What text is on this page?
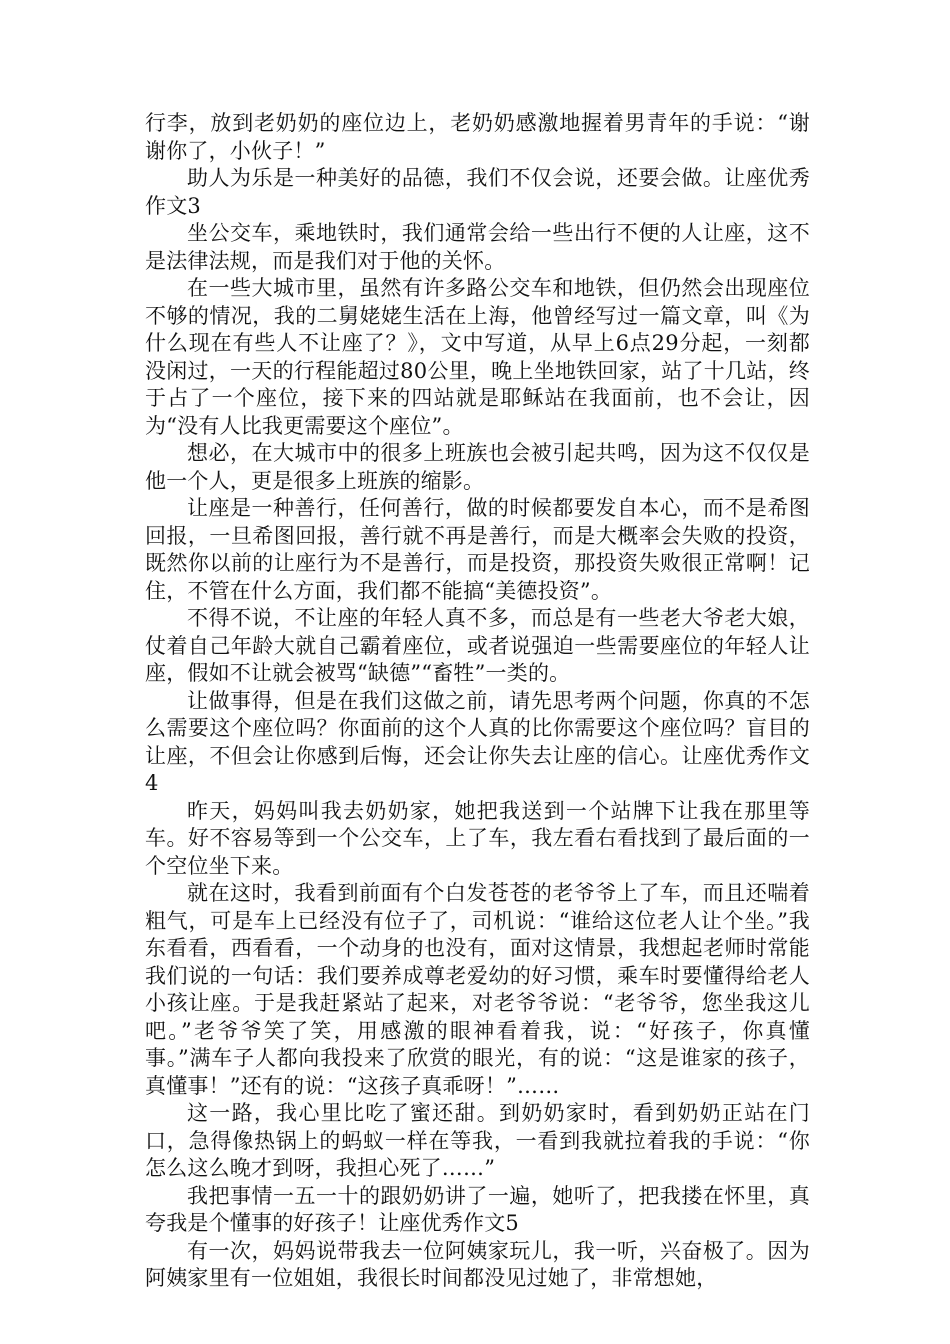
行李，放到老奶奶的座位边上，老奶奶感激地握着男青年的手说：“谢谢你了，小伙子！”

助人为乐是一种美好的品德，我们不仅会说，还要会做。让座优秀作文3

坐公交车，乘地铁时，我们通常会给一些出行不便的人让座，这不是法律法规，而是我们对于他的关怀。

在一些大城市里，虽然有许多路公交车和地铁，但仍然会出现座位不够的情况，我的二舅姥姥生活在上海，他曾经写过一篇文章，叫《为什么现在有些人不让座了？》，文中写道，从早上6点29分起，一刻都没闲过，一天的行程能超过80公里，晚上坐地铁回家，站了十几站，终于占了一个座位，接下来的四站就是耶稣站在我面前，也不会让，因为“没有人比我更需要这个座位”。

想必，在大城市中的很多上班族也会被引起共鸣，因为这不仅仅是他一个人，更是很多上班族的缩影。

让座是一种善行，任何善行，做的时候都要发自本心，而不是希图回报，一旦希图回报，善行就不再是善行，而是大概率会失败的投资，既然你以前的让座行为不是善行，而是投资，那投资失败很正常啊！记住，不管在什么方面，我们都不能搞“美德投资”。

不得不说，不让座的年轻人真不多，而总是有一些老大爷老大娘，仗着自己年龄大就自己霸着座位，或者说强迫一些需要座位的年轻人让座，假如不让就会被骂“缺德”“畜牲”一类的。

让做事得，但是在我们这做之前，请先思考两个问题，你真的不怎么需要这个座位吗？你面前的这个人真的比你需要这个座位吗？盲目的让座，不但会让你感到后悔，还会让你失去让座的信心。让座优秀作文4

昨天，妈妈叫我去奶奶家，她把我送到一个站牌下让我在那里等车。好不容易等到一个公交车，上了车，我左看右看找到了最后面的一个空位坐下来。

就在这时，我看到前面有个白发苍苍的老爷爷上了车，而且还喘着粗气，可是车上已经没有位子了，司机说：“谁给这位老人让个坐。”我东看看，西看看，一个动身的也没有，面对这情景，我想起老师时常能我们说的一句话：我们要养成尊老爱幼的好习惯，乘车时要懂得给老人小孩让座。于是我赶紧站了起来，对老爷爷说：“老爷爷，您坐我这儿吧。”老爷爷笑了笑，用感激的眼神看着我，说：“好孩子，你真懂事。”满车子人都向我投来了欣赏的眼光，有的说：“这是谁家的孩子，真懂事！”还有的说：“这孩子真乖呀！”……

这一路，我心里比吃了蜜还甜。到奶奶家时，看到奶奶正站在门口，急得像热锅上的蚂蚁一样在等我，一看到我就拉着我的手说：“你怎么这么晚才到呀，我担心死了……”

我把事情一五一十的跟奶奶讲了一遍，她听了，把我搂在怀里，真夸我是个懂事的好孩子！让座优秀作文5

有一次，妈妈说带我去一位阿姨家玩儿，我一听，兴奋极了。因为阿姨家里有一位姐姐，我很长时间都没见过她了，非常想她，
